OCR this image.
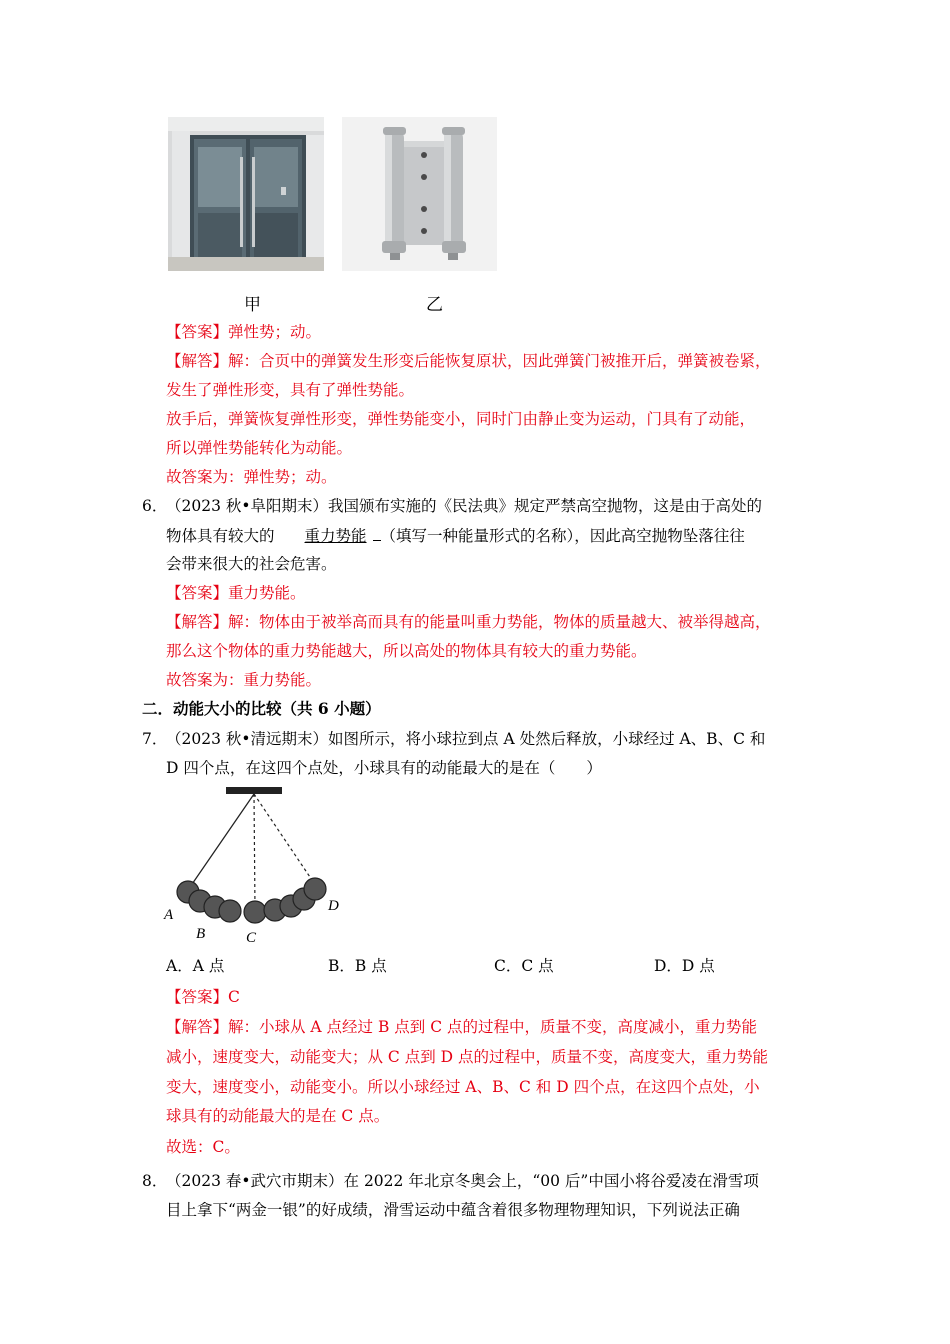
甲	乙
【答案】弹性势；动。
【解答】解：合页中的弹簧发生形变后能恢复原状，因此弹簧门被推开后，弹簧被卷紧，
发生了弹性形变，具有了弹性势能。
放手后，弹簧恢复弹性形变，弹性势能变小，同时门由静止变为运动，门具有了动能，
所以弹性势能转化为动能。
故答案为：弹性势；动。
6．
（2023 秋•阜阳期末）我国颁布实施的《民法典》规定严禁高空抛物，这是由于高处的
物体具有较大的 重力势能 （填写一种能量形式的名称），因此高空抛物坠落往往
会带来很大的社会危害。
【答案】重力势能。
【解答】解：物体由于被举高而具有的能量叫重力势能，物体的质量越大、被举得越高，
那么这个物体的重力势能越大，所以高处的物体具有较大的重力势能。
故答案为：重力势能。
二．动能大小的比较（共 6 小题）
7．
（2023 秋•清远期末）如图所示，将小球拉到点 A 处然后释放，小球经过 A、B、C 和
D 四个点，在这四个点处，小球具有的动能最大的是在（　　）
A
B	C
D
A．A 点	B．B 点	C．C 点	D．D 点
【答案】C
【解答】解：小球从 A 点经过 B 点到 C 点的过程中，质量不变，高度减小，重力势能
减小，速度变大，动能变大；从 C 点到 D 点的过程中，质量不变，高度变大，重力势能
变大，速度变小，动能变小。所以小球经过 A、B、C 和 D 四个点，在这四个点处，小
球具有的动能最大的是在 C 点。
故选：C。
8．
（2023 春•武穴市期末）在 2022 年北京冬奥会上，“00 后”中国小将谷爱凌在滑雪项
目上拿下“两金一银”的好成绩，滑雪运动中蕴含着很多物理物理知识，下列说法正确
